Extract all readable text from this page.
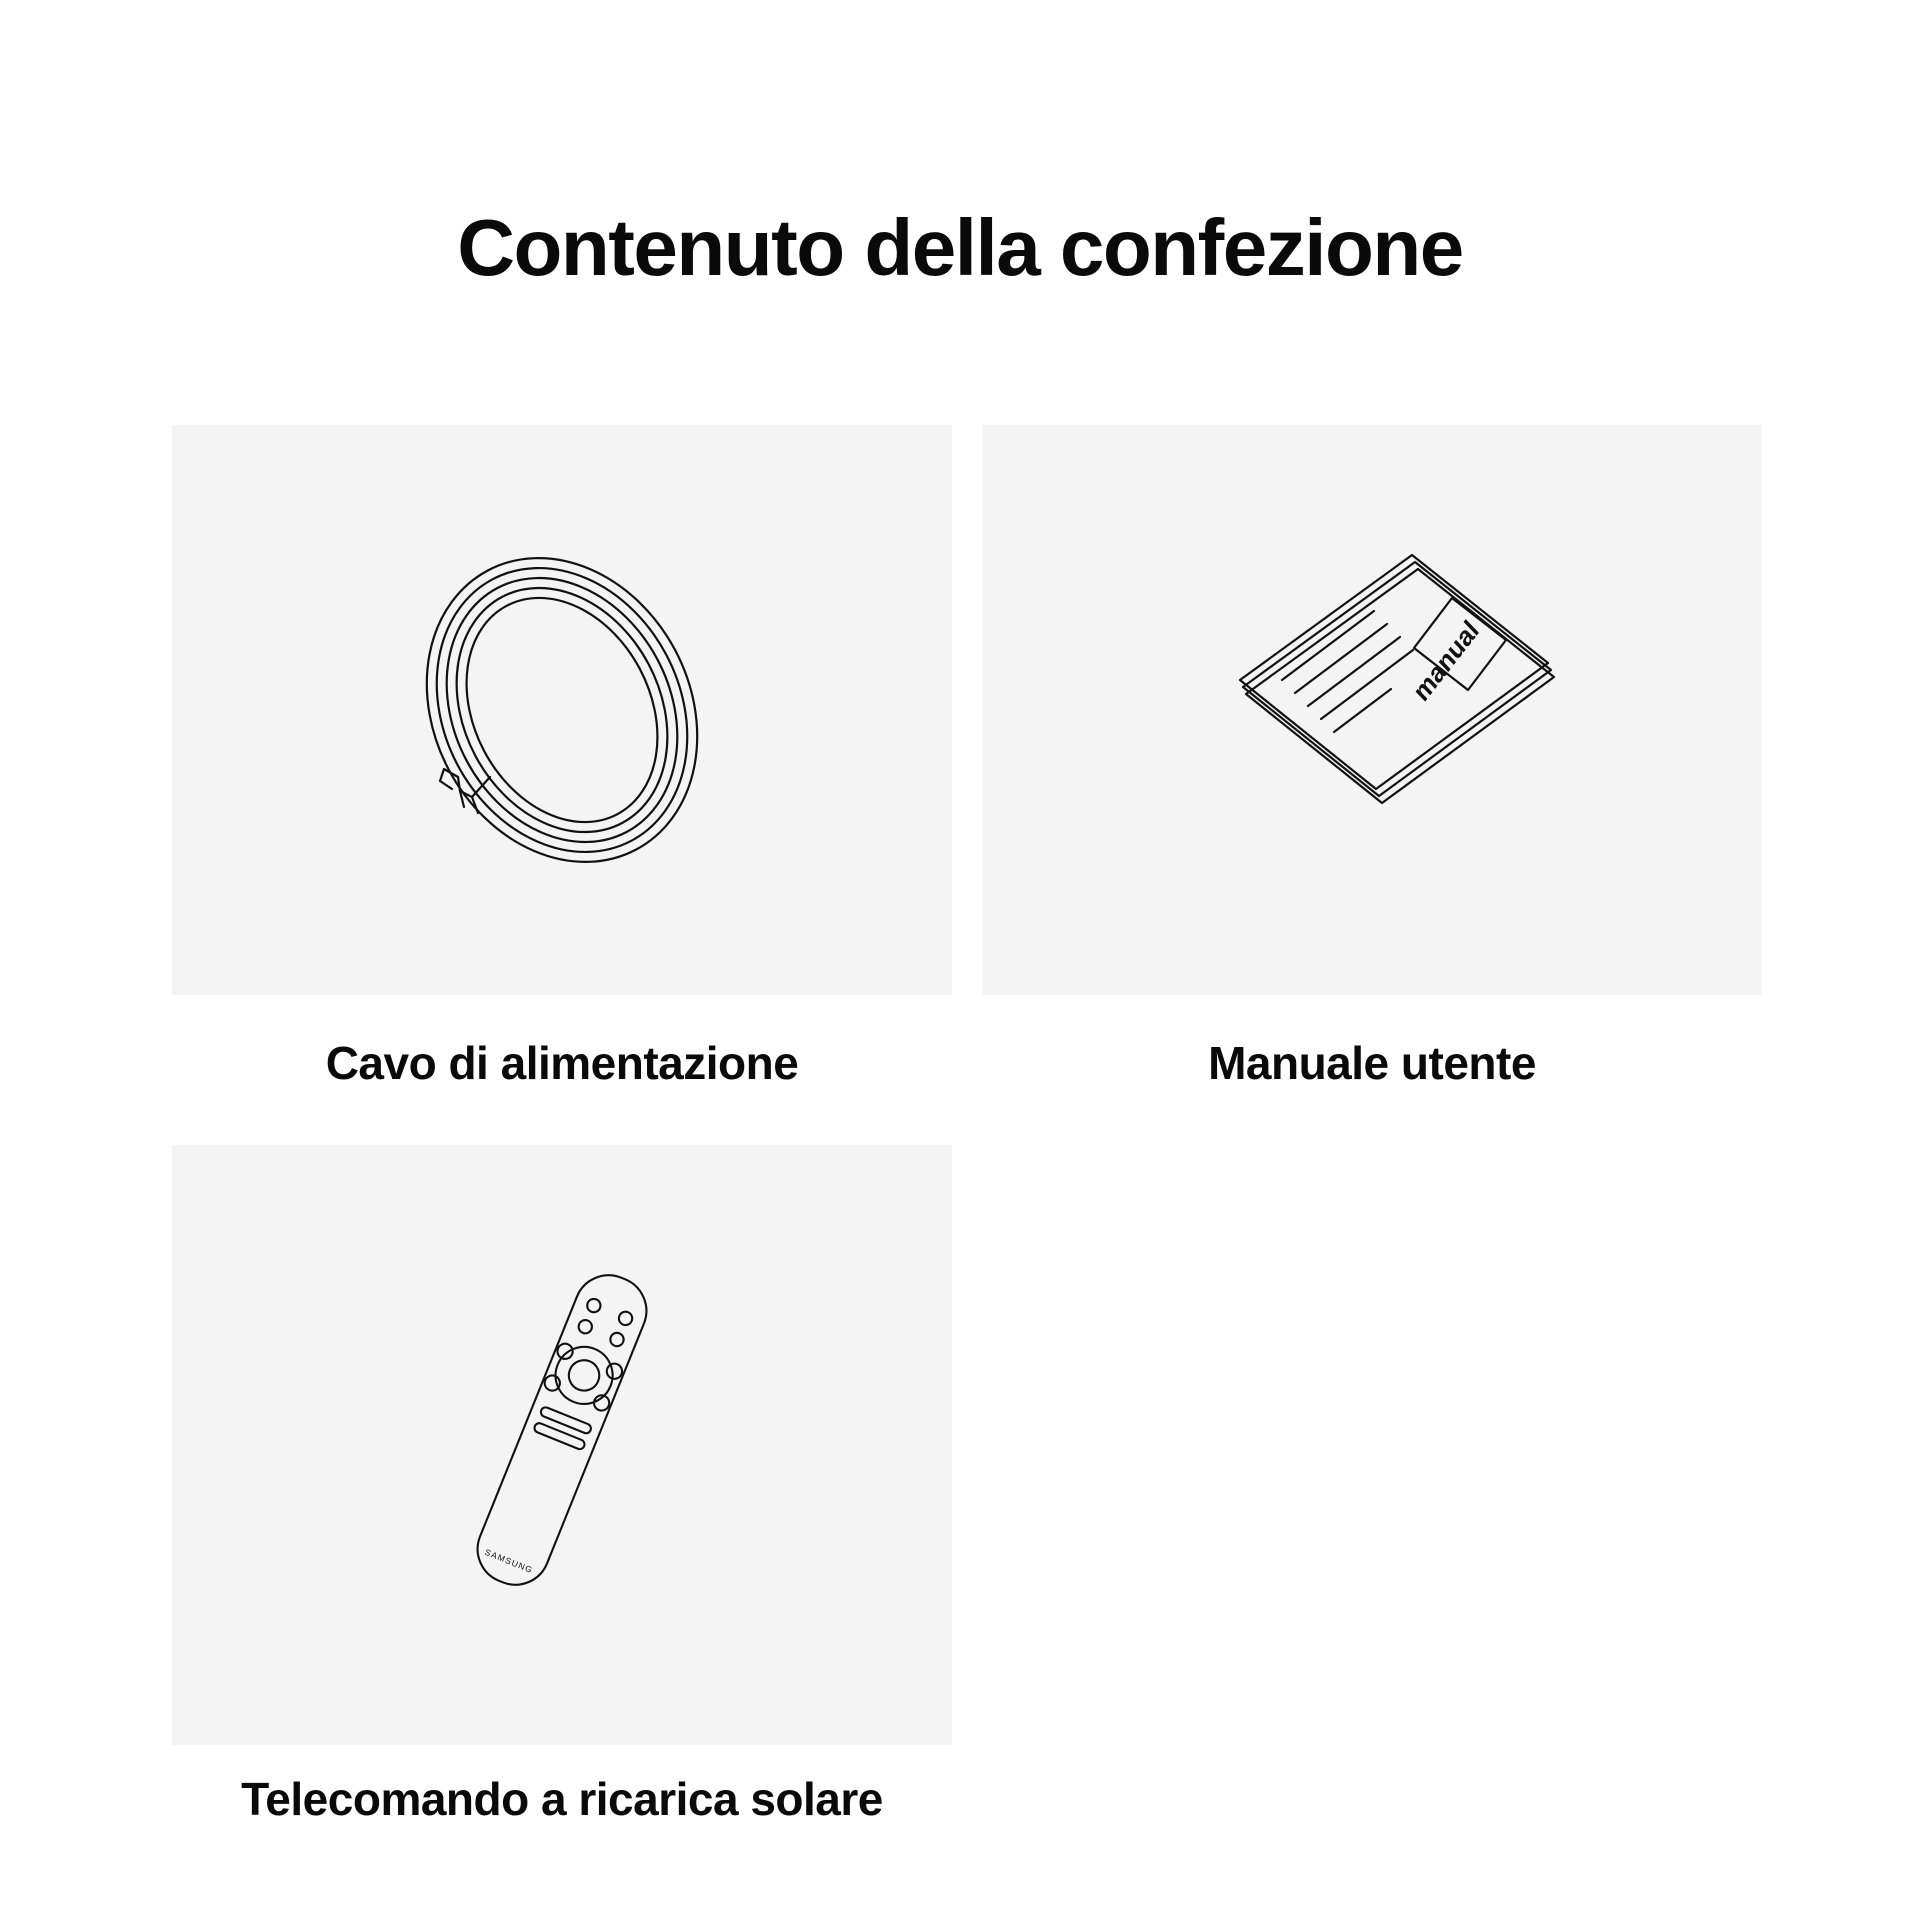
Contenuto della confezione
Cavo di alimentazione
manual
Manuale utente
SAMSUNG
Telecomando a ricarica solare
